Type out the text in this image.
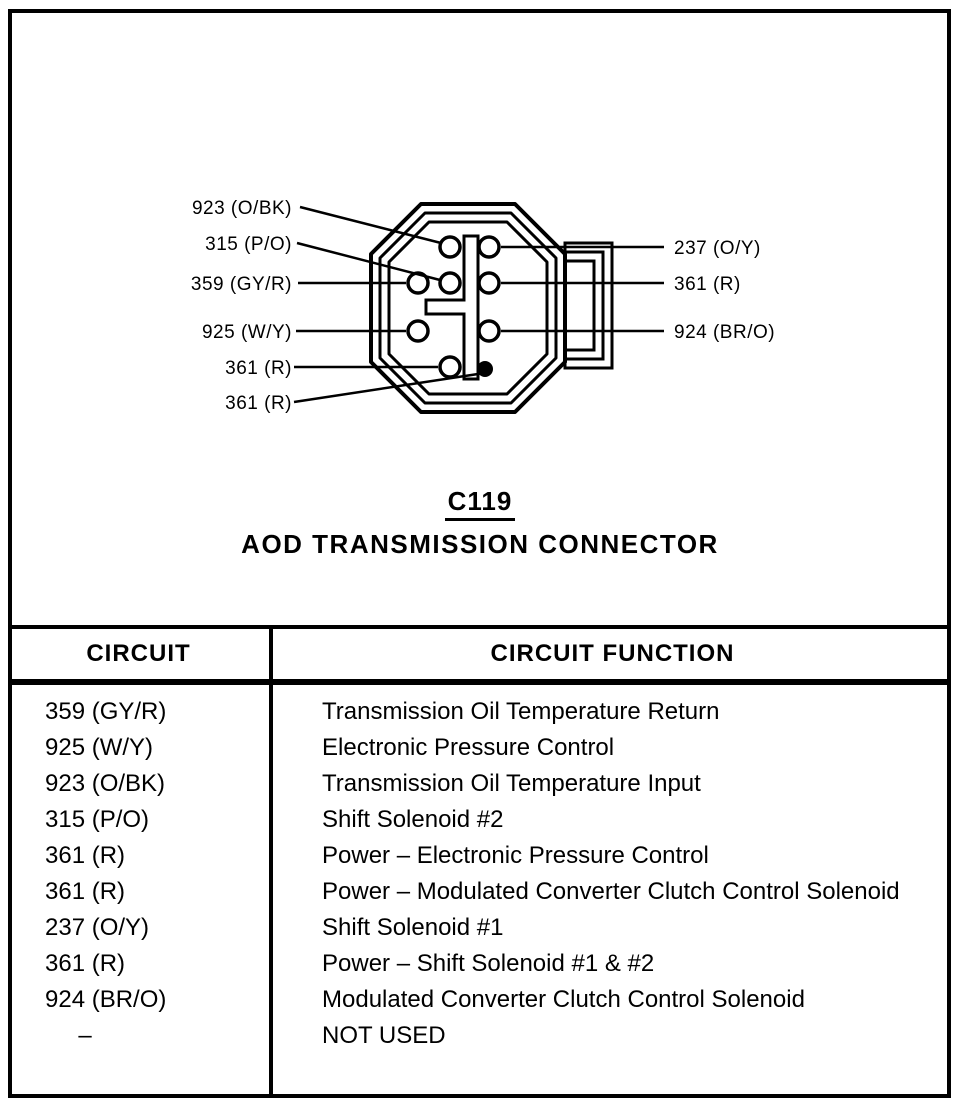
923 (O/BK)
315 (P/O)
359 (GY/R)
925 (W/Y)
361 (R)
361 (R)
237 (O/Y)
361 (R)
924 (BR/O)
C119
AOD TRANSMISSION CONNECTOR
CIRCUIT	CIRCUIT FUNCTION
359 (GY/R)	Transmission Oil Temperature Return
925 (W/Y)	Electronic Pressure Control
923 (O/BK)	Transmission Oil Temperature Input
315 (P/O)	Shift Solenoid #2
361 (R)	Power – Electronic Pressure Control
361 (R)	Power – Modulated Converter Clutch Control Solenoid
237 (O/Y)	Shift Solenoid #1
361 (R)	Power – Shift Solenoid #1 & #2
924 (BR/O)	Modulated Converter Clutch Control Solenoid
–	NOT USED
